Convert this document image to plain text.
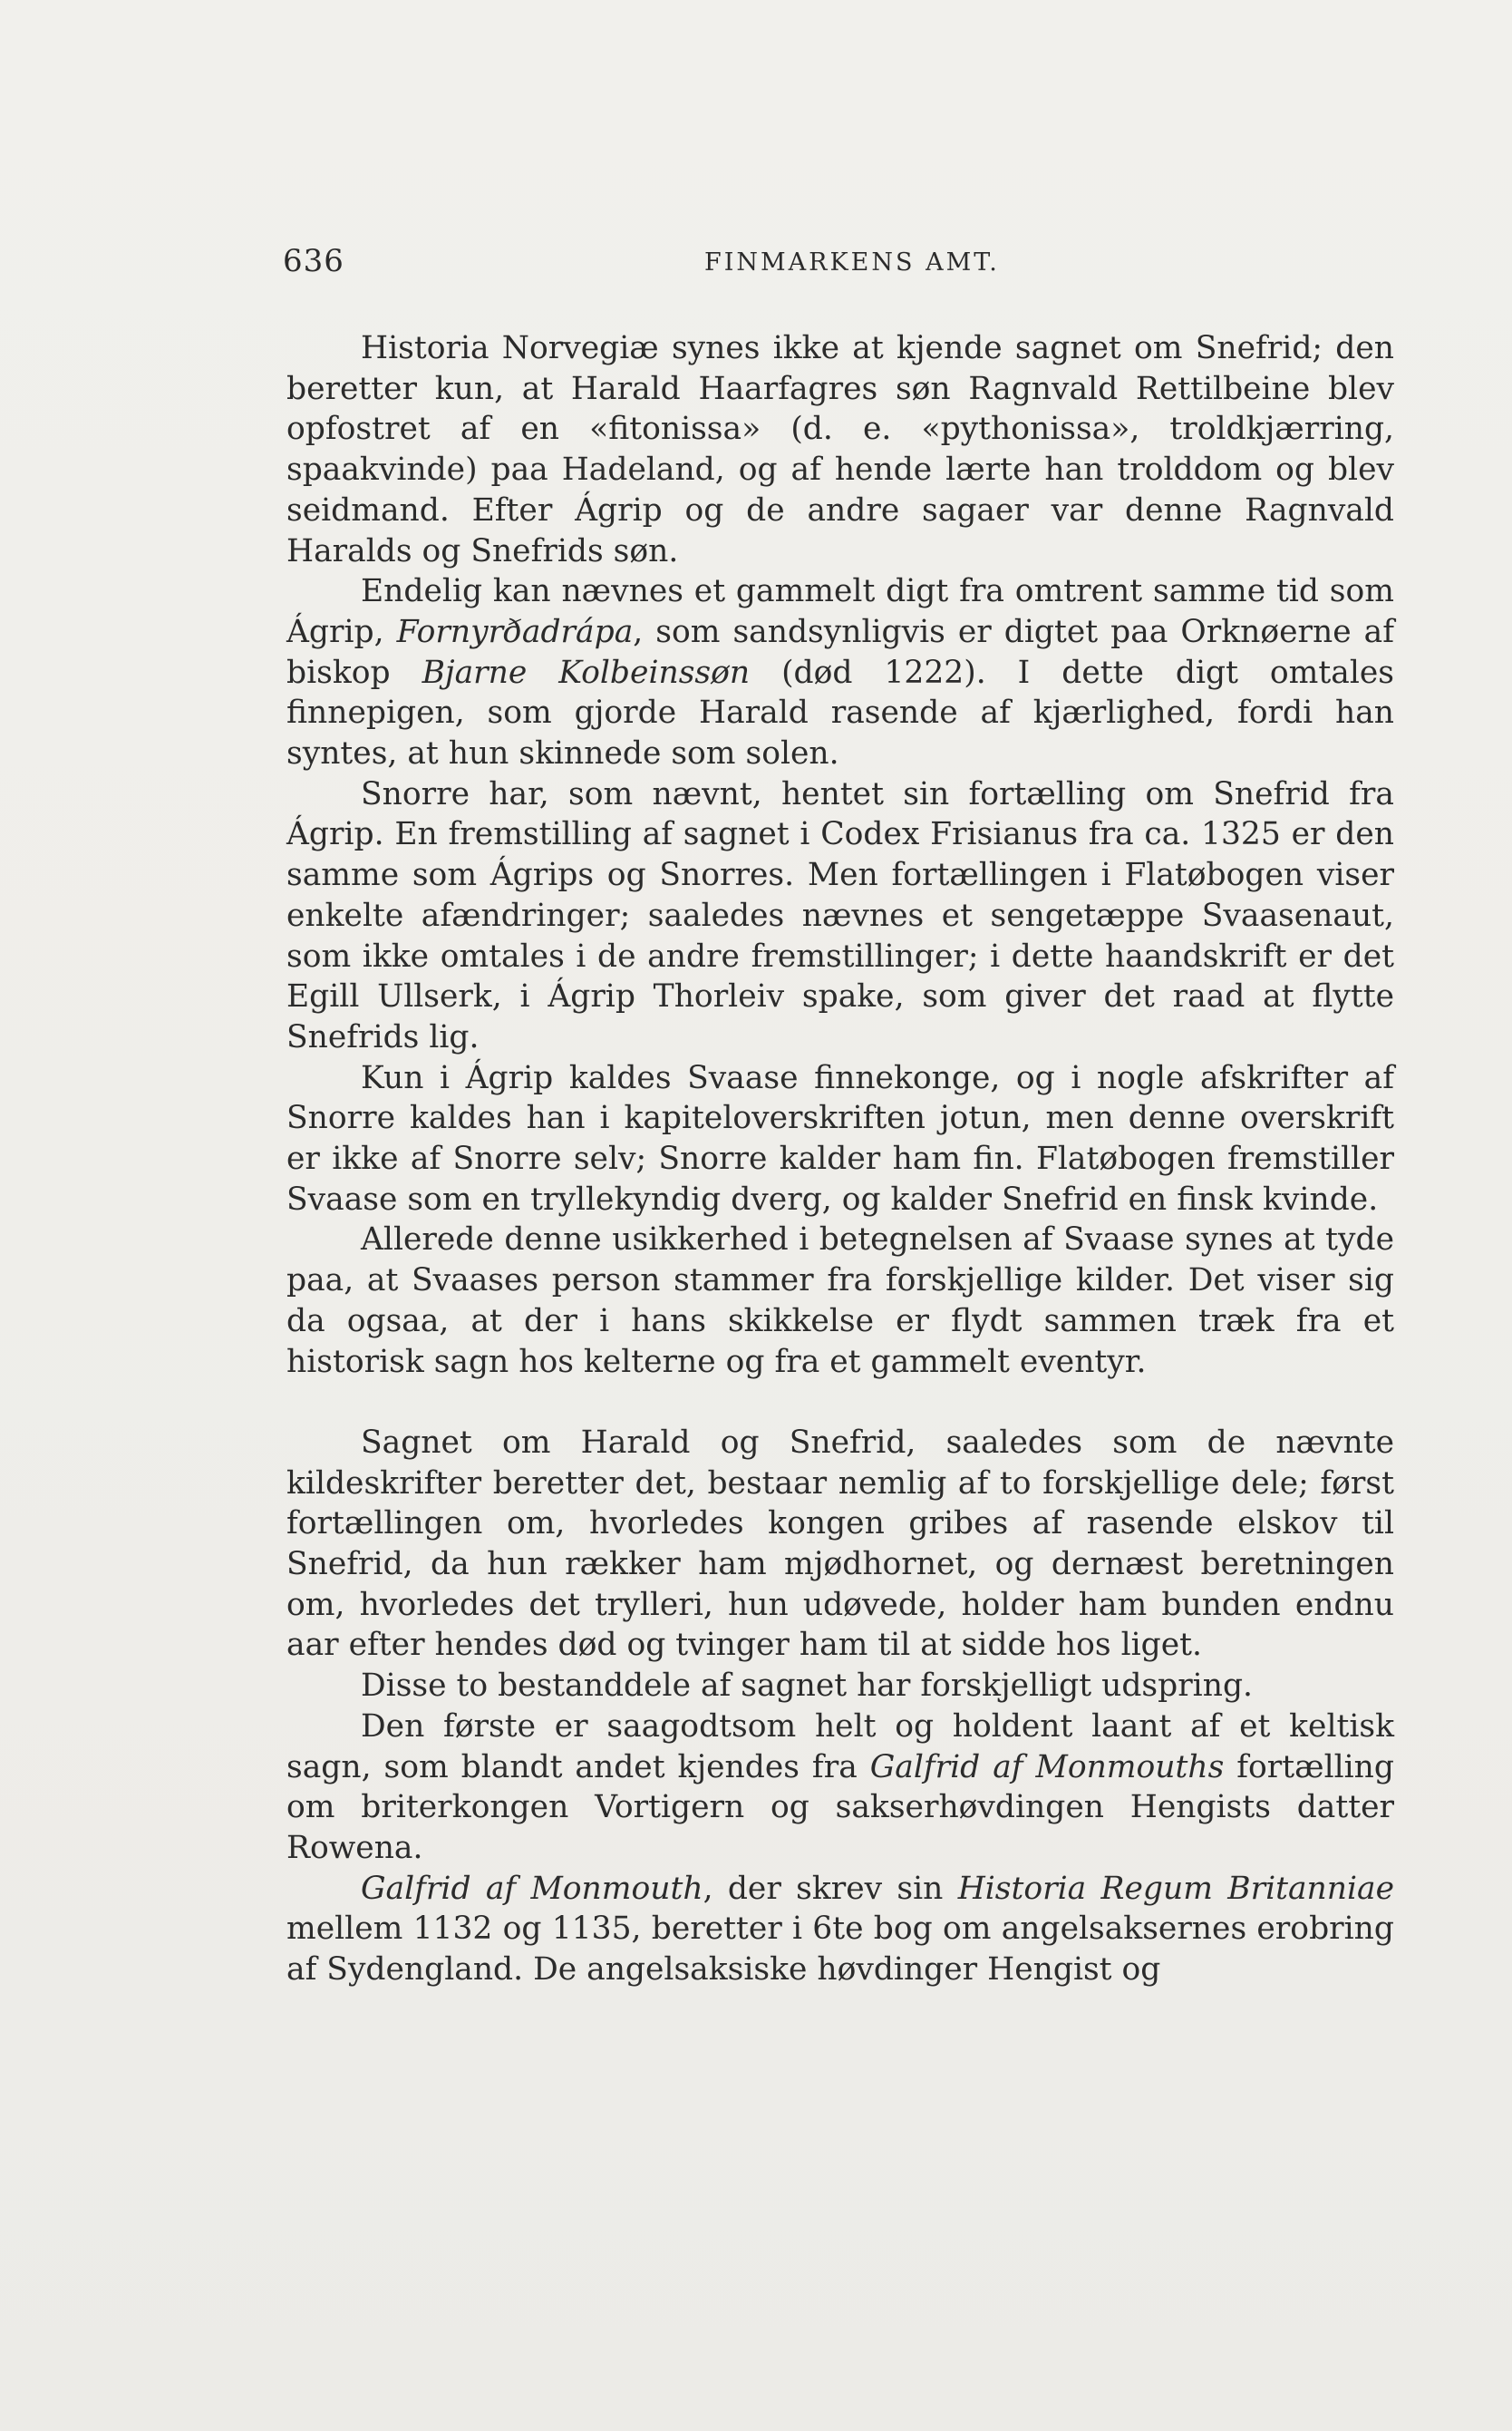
636	FINMARKENS AMT.

Historia Norvegiæ synes ikke at kjende sagnet om Snefrid; den beretter kun, at Harald Haarfagres søn Ragnvald Rettilbeine blev opfostret af en «fitonissa» (d. e. «pythonissa», troldkjærring, spaakvinde) paa Hadeland, og af hende lærte han trolddom og blev seidmand. Efter Ágrip og de andre sagaer var denne Ragnvald Haralds og Snefrids søn.

Endelig kan nævnes et gammelt digt fra omtrent samme tid som Ágrip, Fornyrðadrápa, som sandsynligvis er digtet paa Orknøerne af biskop Bjarne Kolbeinssøn (død 1222). I dette digt omtales finnepigen, som gjorde Harald rasende af kjærlighed, fordi han syntes, at hun skinnede som solen.

Snorre har, som nævnt, hentet sin fortælling om Snefrid fra Ágrip. En fremstilling af sagnet i Codex Frisianus fra ca. 1325 er den samme som Ágrips og Snorres. Men fortællingen i Flatøbogen viser enkelte afændringer; saaledes nævnes et sengetæppe Svaasenaut, som ikke omtales i de andre fremstillinger; i dette haandskrift er det Egill Ullserk, i Ágrip Thorleiv spake, som giver det raad at flytte Snefrids lig.

Kun i Ágrip kaldes Svaase finnekonge, og i nogle afskrifter af Snorre kaldes han i kapiteloverskriften jotun, men denne overskrift er ikke af Snorre selv; Snorre kalder ham fin. Flatøbogen fremstiller Svaase som en tryllekyndig dverg, og kalder Snefrid en finsk kvinde.

Allerede denne usikkerhed i betegnelsen af Svaase synes at tyde paa, at Svaases person stammer fra forskjellige kilder. Det viser sig da ogsaa, at der i hans skikkelse er flydt sammen træk fra et historisk sagn hos kelterne og fra et gammelt eventyr.

Sagnet om Harald og Snefrid, saaledes som de nævnte kildeskrifter beretter det, bestaar nemlig af to forskjellige dele; først fortællingen om, hvorledes kongen gribes af rasende elskov til Snefrid, da hun rækker ham mjødhornet, og dernæst beretningen om, hvorledes det trylleri, hun udøvede, holder ham bunden endnu aar efter hendes død og tvinger ham til at sidde hos liget.

Disse to bestanddele af sagnet har forskjelligt udspring.

Den første er saagodtsom helt og holdent laant af et keltisk sagn, som blandt andet kjendes fra Galfrid af Monmouths fortælling om briterkongen Vortigern og sakserhøvdingen Hengists datter Rowena.

Galfrid af Monmouth, der skrev sin Historia Regum Britanniae mellem 1132 og 1135, beretter i 6te bog om angelsaksernes erobring af Sydengland. De angelsaksiske høvdinger Hengist og
